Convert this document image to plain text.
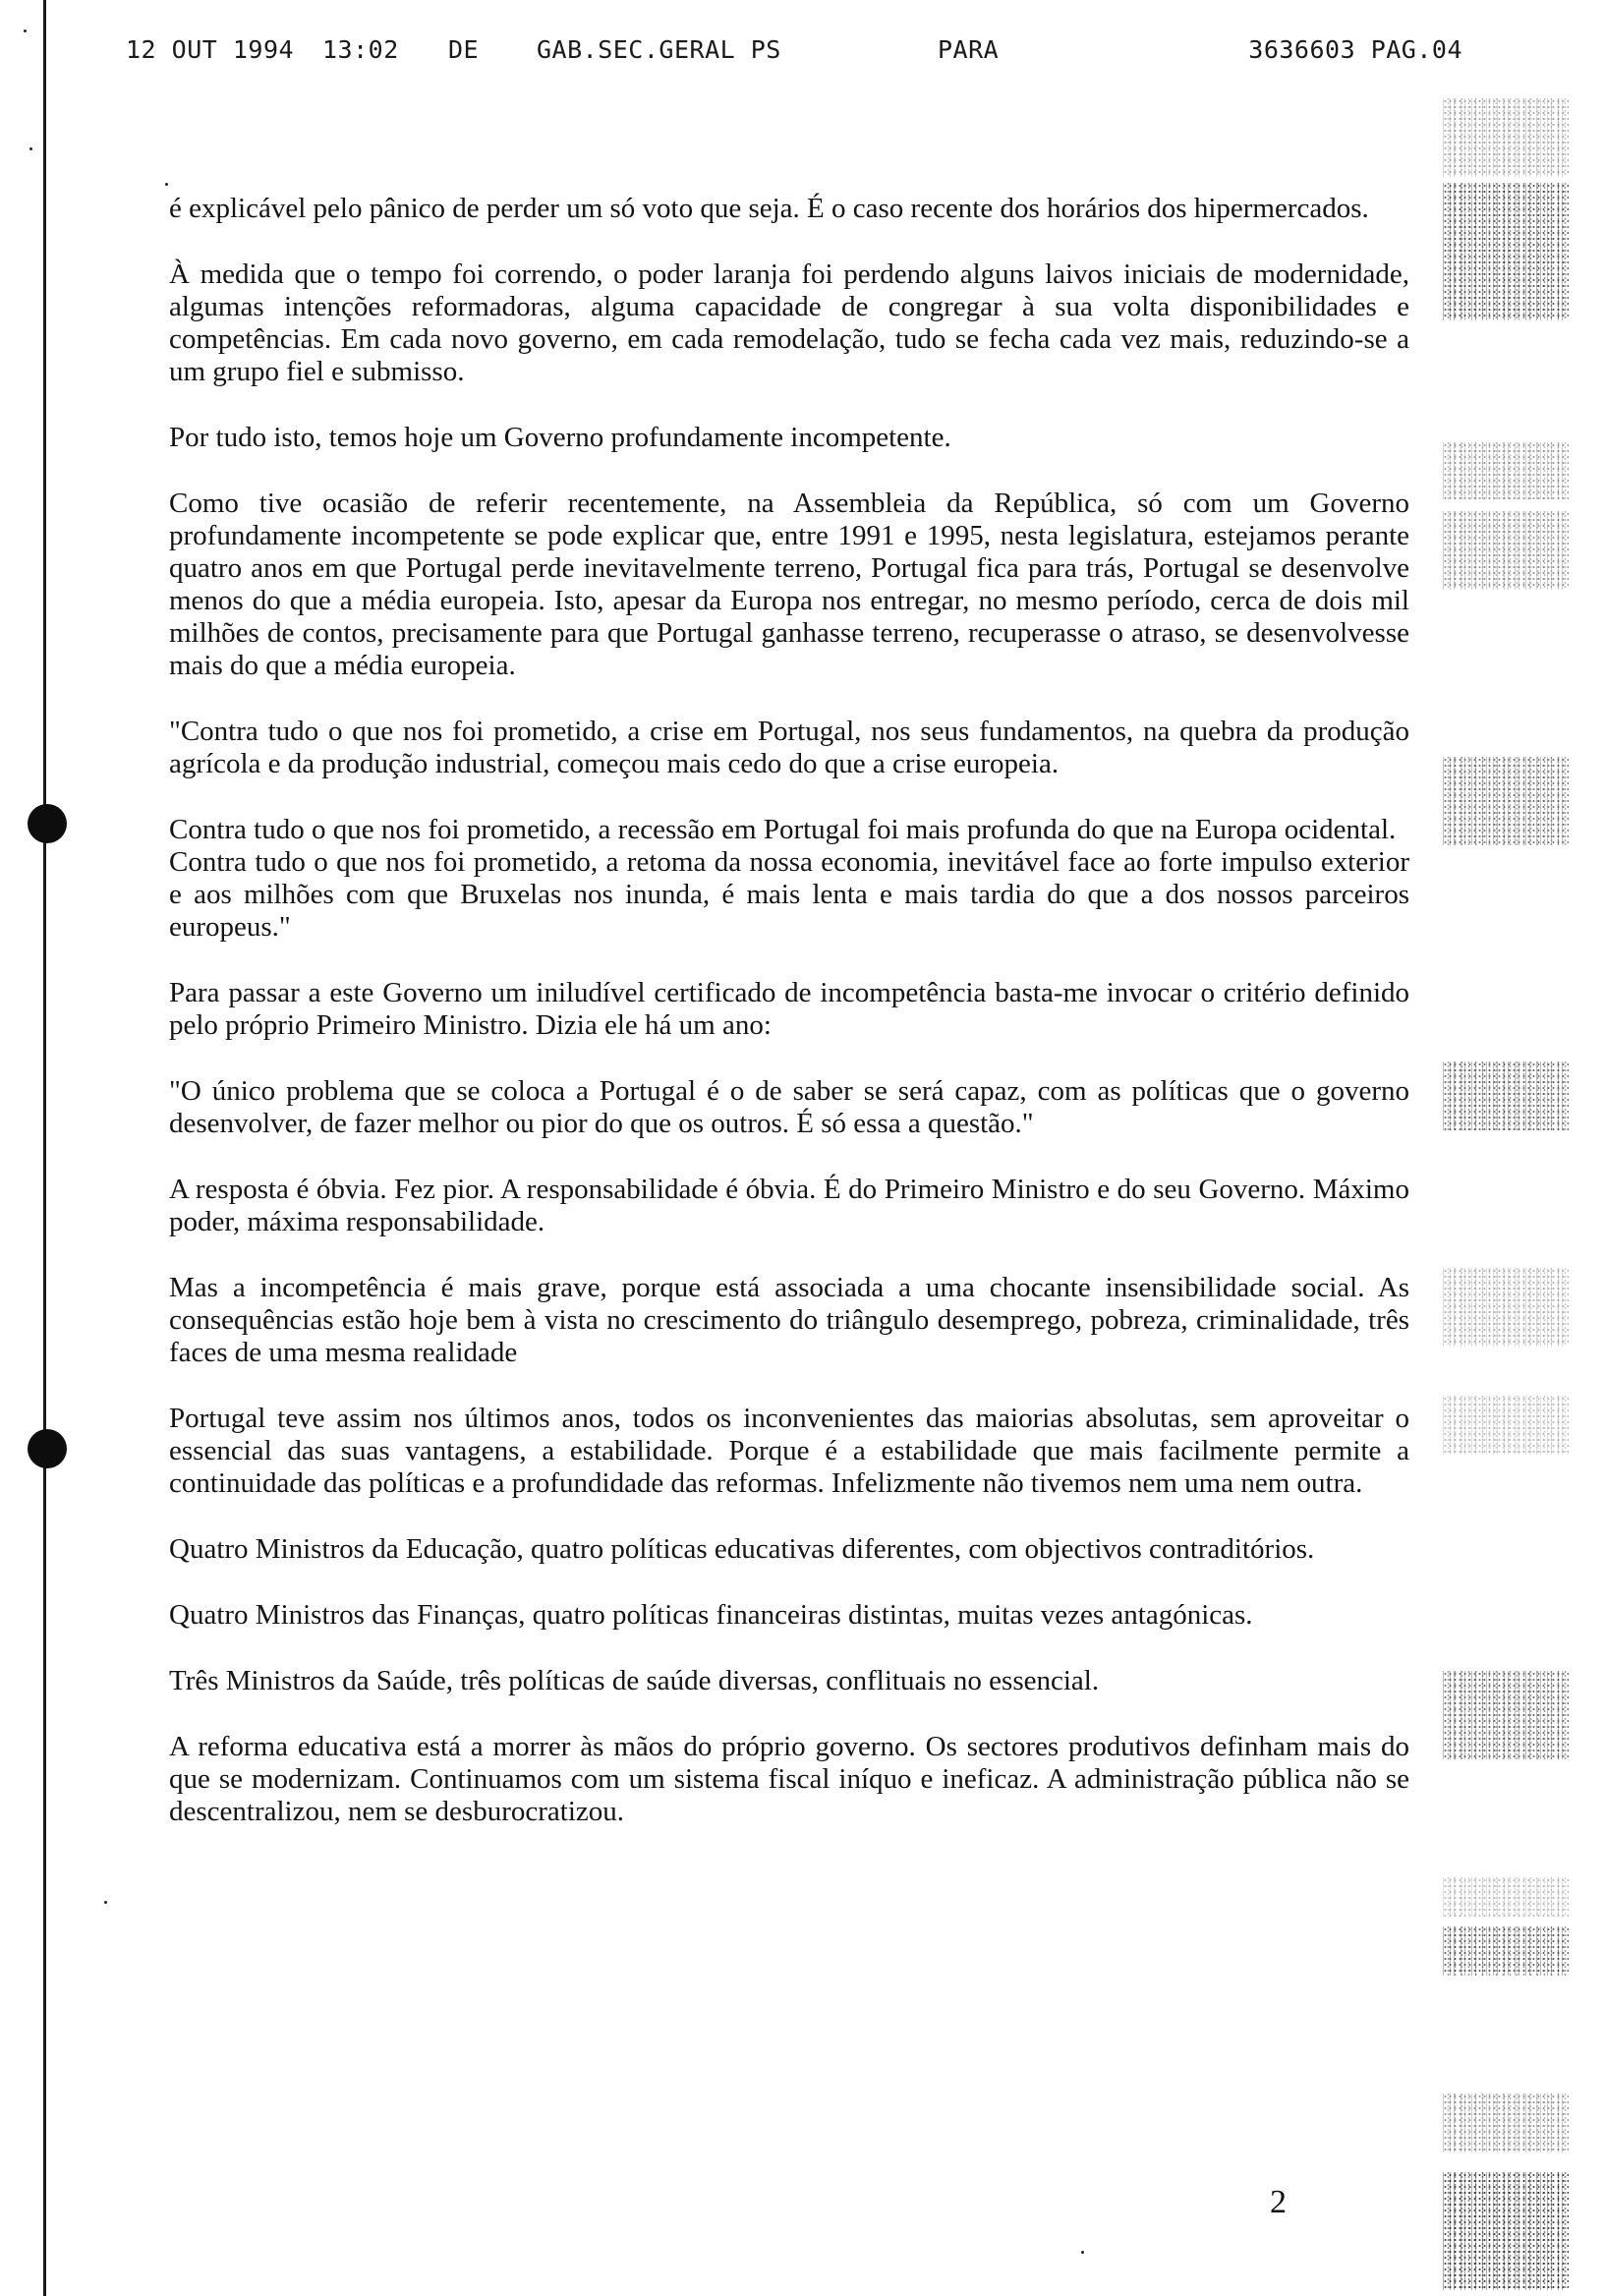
12 OUT 1994 13:02 DE GAB.SEC.GERAL PS	PARA	3636603 PAG.04

é explicável pelo pânico de perder um só voto que seja. É o caso recente dos horários dos hipermercados.

À medida que o tempo foi correndo, o poder laranja foi perdendo alguns laivos iniciais de modernidade, algumas intenções reformadoras, alguma capacidade de congregar à sua volta disponibilidades e competências. Em cada novo governo, em cada remodelação, tudo se fecha cada vez mais, reduzindo-se a um grupo fiel e submisso.

Por tudo isto, temos hoje um Governo profundamente incompetente.

Como tive ocasião de referir recentemente, na Assembleia da República, só com um Governo profundamente incompetente se pode explicar que, entre 1991 e 1995, nesta legislatura, estejamos perante quatro anos em que Portugal perde inevitavelmente terreno, Portugal fica para trás, Portugal se desenvolve menos do que a média europeia. Isto, apesar da Europa nos entregar, no mesmo período, cerca de dois mil milhões de contos, precisamente para que Portugal ganhasse terreno, recuperasse o atraso, se desenvolvesse mais do que a média europeia.

"Contra tudo o que nos foi prometido, a crise em Portugal, nos seus fundamentos, na quebra da produção agrícola e da produção industrial, começou mais cedo do que a crise europeia.

Contra tudo o que nos foi prometido, a recessão em Portugal foi mais profunda do que na Europa ocidental.

Contra tudo o que nos foi prometido, a retoma da nossa economia, inevitável face ao forte impulso exterior e aos milhões com que Bruxelas nos inunda, é mais lenta e mais tardia do que a dos nossos parceiros europeus."

Para passar a este Governo um iniludível certificado de incompetência basta-me invocar o critério definido pelo próprio Primeiro Ministro. Dizia ele há um ano:

"O único problema que se coloca a Portugal é o de saber se será capaz, com as políticas que o governo desenvolver, de fazer melhor ou pior do que os outros. É só essa a questão."

A resposta é óbvia. Fez pior. A responsabilidade é óbvia. É do Primeiro Ministro e do seu Governo. Máximo poder, máxima responsabilidade.

Mas a incompetência é mais grave, porque está associada a uma chocante insensibilidade social. As consequências estão hoje bem à vista no crescimento do triângulo desemprego, pobreza, criminalidade, três faces de uma mesma realidade

Portugal teve assim nos últimos anos, todos os inconvenientes das maiorias absolutas, sem aproveitar o essencial das suas vantagens, a estabilidade. Porque é a estabilidade que mais facilmente permite a continuidade das políticas e a profundidade das reformas. Infelizmente não tivemos nem uma nem outra.

Quatro Ministros da Educação, quatro políticas educativas diferentes, com objectivos contraditórios.

Quatro Ministros das Finanças, quatro políticas financeiras distintas, muitas vezes antagónicas.

Três Ministros da Saúde, três políticas de saúde diversas, conflituais no essencial.

A reforma educativa está a morrer às mãos do próprio governo. Os sectores produtivos definham mais do que se modernizam. Continuamos com um sistema fiscal iníquo e ineficaz. A administração pública não se descentralizou, nem se desburocratizou.

2
